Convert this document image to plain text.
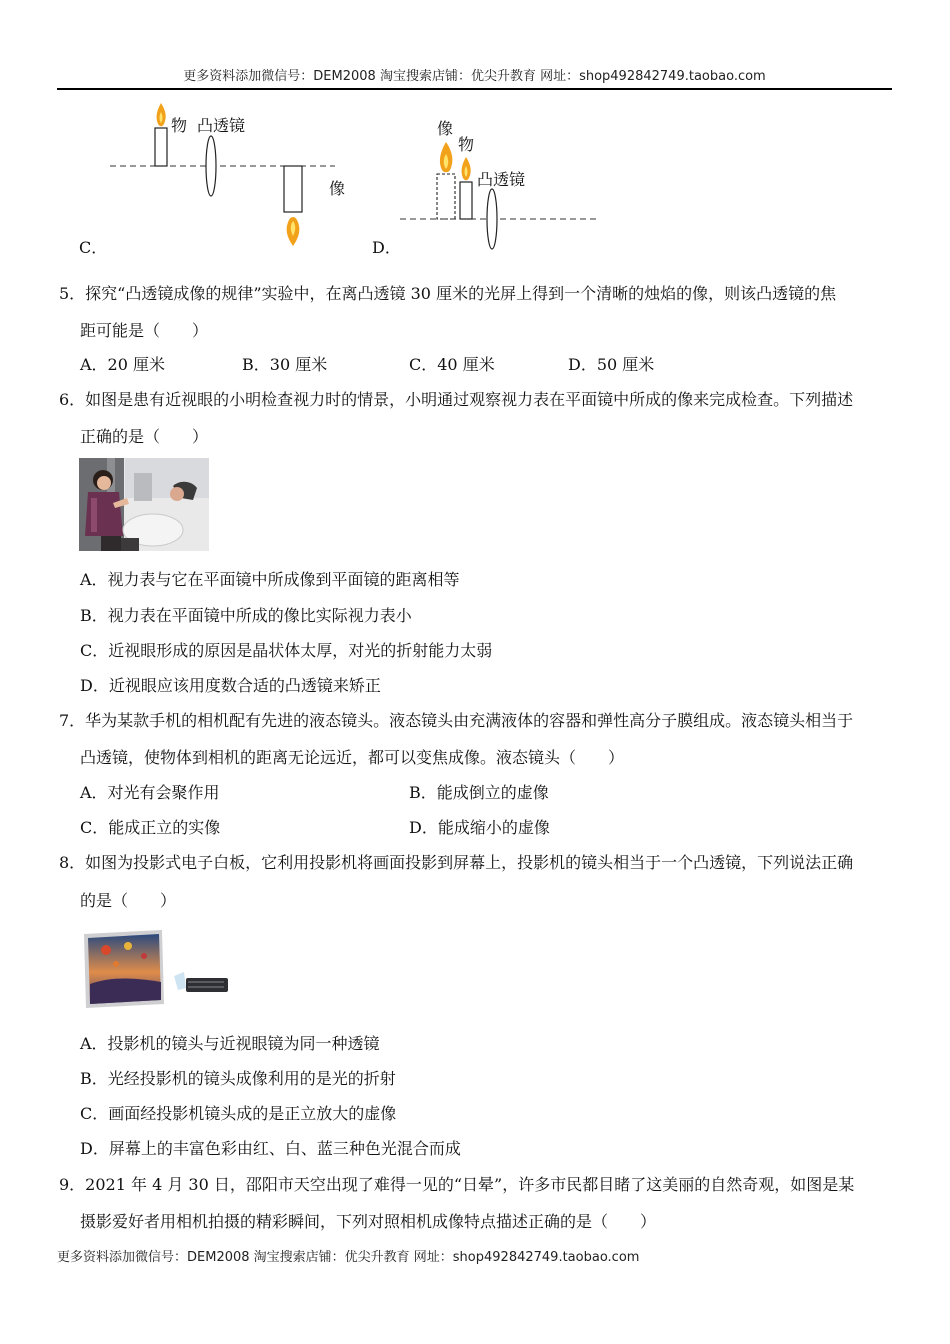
更多资料添加微信号：DEM2008 淘宝搜索店铺：优尖升教育 网址：shop492842749.taobao.com
物 凸透镜
像
C．
像
物
凸透镜
D．
5．探究“凸透镜成像的规律”实验中，在离凸透镜 30 厘米的光屏上得到一个清晰的烛焰的像，则该凸透镜的焦
距可能是（　　）
A．20 厘米	B．30 厘米	C．40 厘米	D．50 厘米
6．如图是患有近视眼的小明检查视力时的情景，小明通过观察视力表在平面镜中所成的像来完成检查。下列描述
正确的是（　　）
A．视力表与它在平面镜中所成像到平面镜的距离相等
B．视力表在平面镜中所成的像比实际视力表小
C．近视眼形成的原因是晶状体太厚，对光的折射能力太弱
D．近视眼应该用度数合适的凸透镜来矫正
7．华为某款手机的相机配有先进的液态镜头。液态镜头由充满液体的容器和弹性高分子膜组成。液态镜头相当于
凸透镜，使物体到相机的距离无论远近，都可以变焦成像。液态镜头（　　）
A．对光有会聚作用	B．能成倒立的虚像
C．能成正立的实像	D．能成缩小的虚像
8．如图为投影式电子白板，它利用投影机将画面投影到屏幕上，投影机的镜头相当于一个凸透镜，下列说法正确
的是（　　）
A．投影机的镜头与近视眼镜为同一种透镜
B．光经投影机的镜头成像利用的是光的折射
C．画面经投影机镜头成的是正立放大的虚像
D．屏幕上的丰富色彩由红、白、蓝三种色光混合而成
9．2021 年 4 月 30 日，邵阳市天空出现了难得一见的“日晕”，许多市民都目睹了这美丽的自然奇观，如图是某
摄影爱好者用相机拍摄的精彩瞬间，下列对照相机成像特点描述正确的是（　　）
更多资料添加微信号：DEM2008 淘宝搜索店铺：优尖升教育 网址：shop492842749.taobao.com
